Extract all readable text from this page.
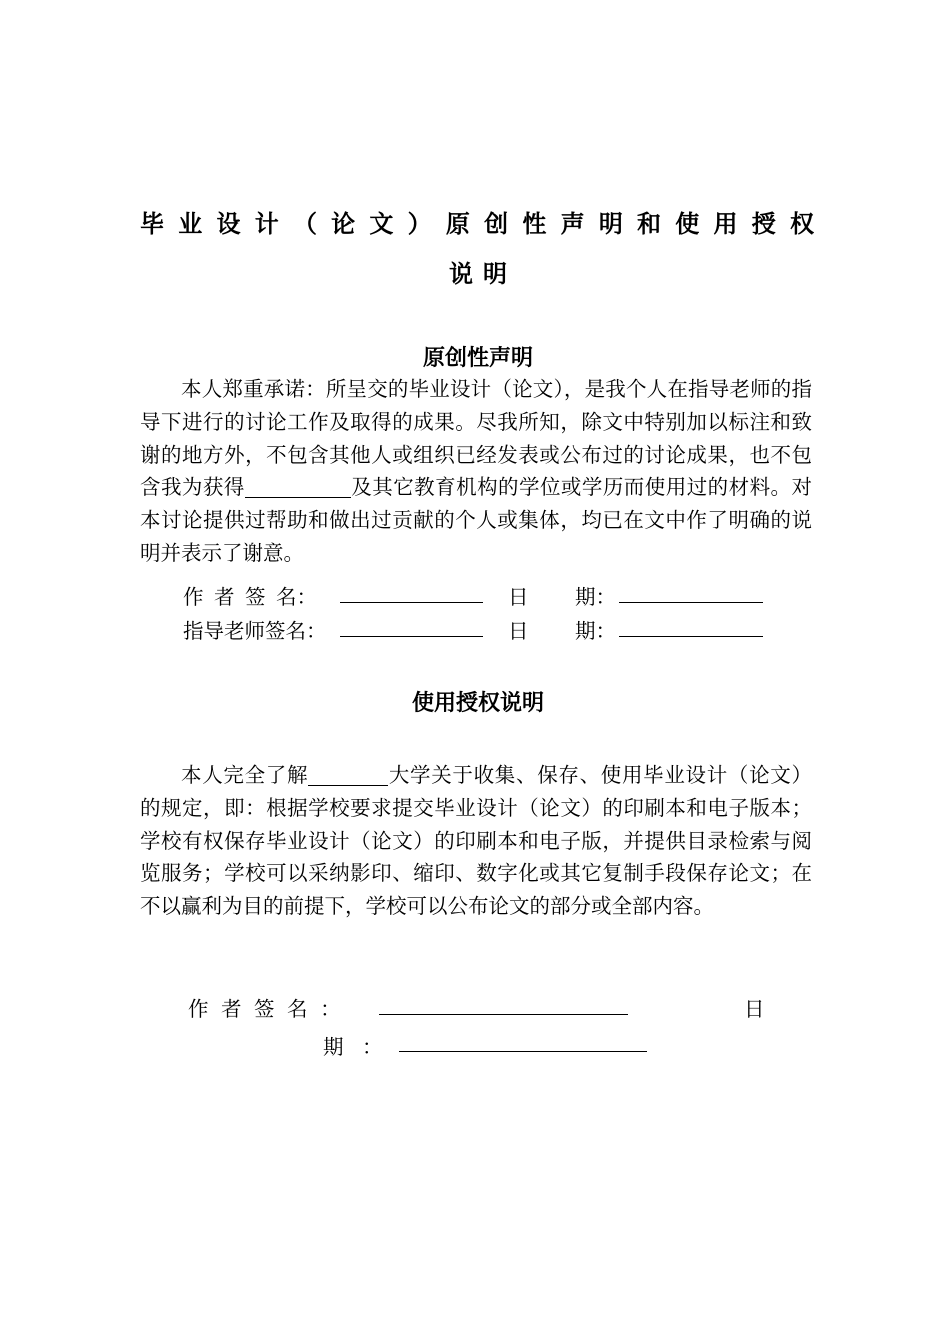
毕业设计（论文）原创性声明和使用授权
说明
原创性声明
本人郑重承诺：所呈交的毕业设计（论文），是我个人在指导老师的指导下进行的讨论工作及取得的成果。尽我所知，除文中特别加以标注和致谢的地方外，不包含其他人或组织已经发表或公布过的讨论成果，也不包含我为获得	及其它教育机构的学位或学历而使用过的材料。对本讨论提供过帮助和做出过贡献的个人或集体，均已在文中作了明确的说明并表示了谢意。
作 者 签 名：	日 期：
指导老师签名：	日 期：
使用授权说明
本人完全了解	大学关于收集、保存、使用毕业设计（论文）的规定，即：根据学校要求提交毕业设计（论文）的印刷本和电子版本；学校有权保存毕业设计（论文）的印刷本和电子版，并提供目录检索与阅览服务；学校可以采纳影印、缩印、数字化或其它复制手段保存论文；在不以赢利为目的前提下，学校可以公布论文的部分或全部内容。
作 者 签 名 ：	日
期 ：
